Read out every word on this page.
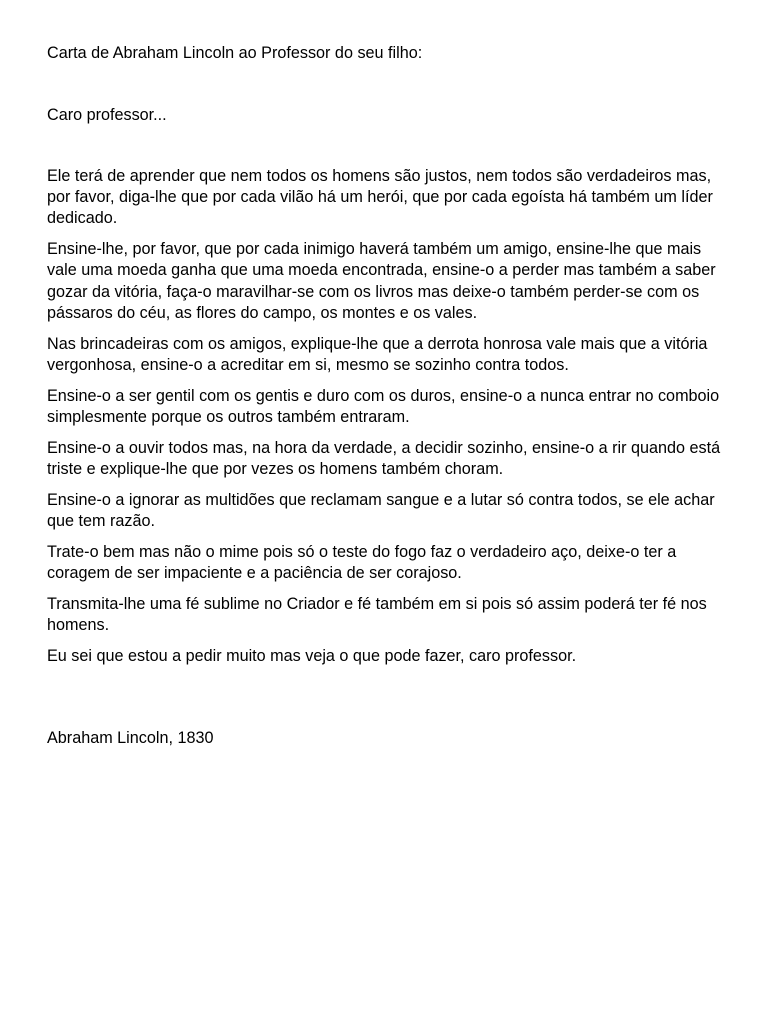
Carta de Abraham Lincoln ao Professor do seu filho:

Caro professor...

Ele terá de aprender que nem todos os homens são justos, nem todos são verdadeiros mas, por favor, diga-lhe que por cada vilão há um herói, que por cada egoísta há também um líder dedicado.

Ensine-lhe, por favor, que por cada inimigo haverá também um amigo, ensine-lhe que mais vale uma moeda ganha que uma moeda encontrada, ensine-o a perder mas também a saber gozar da vitória, faça-o maravilhar-se com os livros mas deixe-o também perder-se com os pássaros do céu, as flores do campo, os montes e os vales.

Nas brincadeiras com os amigos, explique-lhe que a derrota honrosa vale mais que a vitória vergonhosa, ensine-o a acreditar em si, mesmo se sozinho contra todos.

Ensine-o a ser gentil com os gentis e duro com os duros, ensine-o a nunca entrar no comboio simplesmente porque os outros também entraram.

Ensine-o a ouvir todos mas, na hora da verdade, a decidir sozinho, ensine-o a rir quando está triste e explique-lhe que por vezes os homens também choram.

Ensine-o a ignorar as multidões que reclamam sangue e a lutar só contra todos, se ele achar que tem razão.

Trate-o bem mas não o mime pois só o teste do fogo faz o verdadeiro aço, deixe-o ter a coragem de ser impaciente e a paciência de ser corajoso.

Transmita-lhe uma fé sublime no Criador e fé também em si pois só assim poderá ter fé nos homens.

Eu sei que estou a pedir muito mas veja o que pode fazer, caro professor.

Abraham Lincoln, 1830
